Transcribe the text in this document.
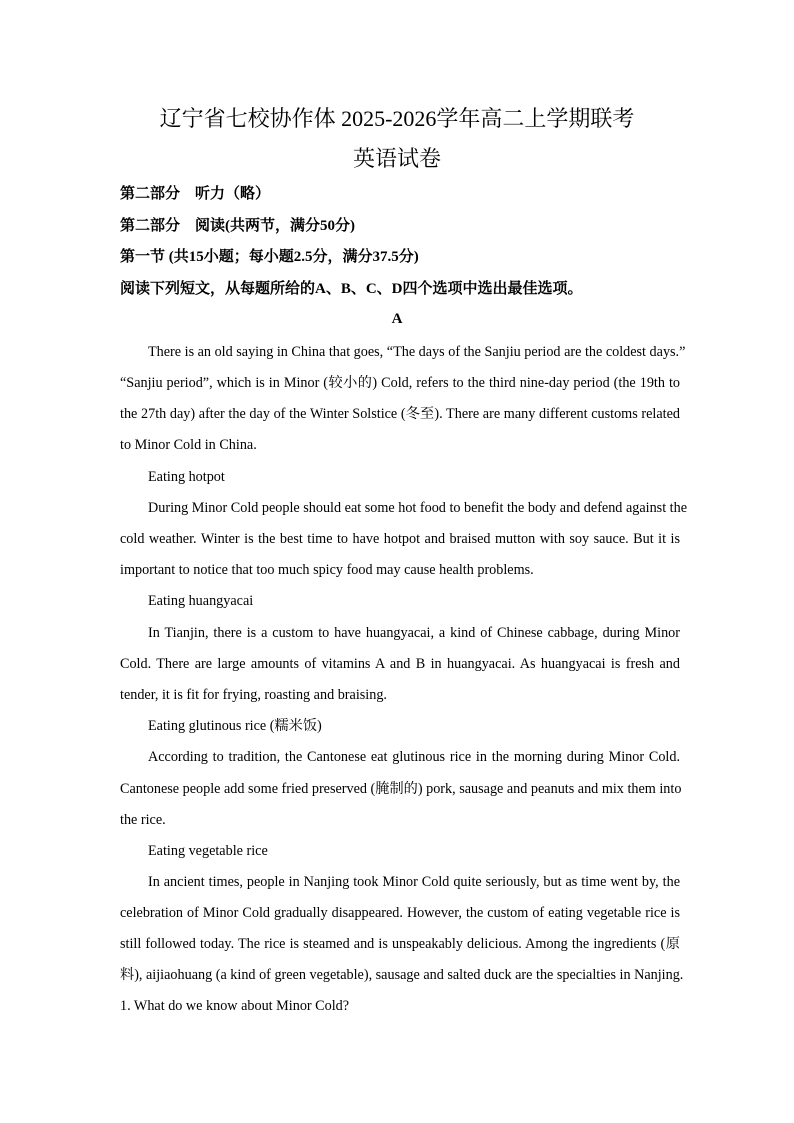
辽宁省七校协作体 2025-2026学年高二上学期联考
英语试卷
第二部分　听力（略）
第二部分　阅读(共两节，满分50分)
第一节 (共15小题；每小题2.5分，满分37.5分)
阅读下列短文，从每题所给的A、B、C、D四个选项中选出最佳选项。
A
There is an old saying in China that goes, “The days of the Sanjiu period are the coldest days.”
“Sanjiu period”, which is in Minor (较小的) Cold, refers to the third nine-day period (the 19th to
the 27th day) after the day of the Winter Solstice (冬至). There are many different customs related
to Minor Cold in China.
Eating hotpot
During Minor Cold people should eat some hot food to benefit the body and defend against the
cold weather. Winter is the best time to have hotpot and braised mutton with soy sauce. But it is
important to notice that too much spicy food may cause health problems.
Eating huangyacai
In Tianjin, there is a custom to have huangyacai, a kind of Chinese cabbage, during Minor
Cold. There are large amounts of vitamins A and B in huangyacai. As huangyacai is fresh and
tender, it is fit for frying, roasting and braising.
Eating glutinous rice (糯米饭)
According to tradition, the Cantonese eat glutinous rice in the morning during Minor Cold.
Cantonese people add some fried preserved (腌制的) pork, sausage and peanuts and mix them into
the rice.
Eating vegetable rice
In ancient times, people in Nanjing took Minor Cold quite seriously, but as time went by, the
celebration of Minor Cold gradually disappeared. However, the custom of eating vegetable rice is
still followed today. The rice is steamed and is unspeakably delicious. Among the ingredients (原
料), aijiaohuang (a kind of green vegetable), sausage and salted duck are the specialties in Nanjing.
1. What do we know about Minor Cold?
